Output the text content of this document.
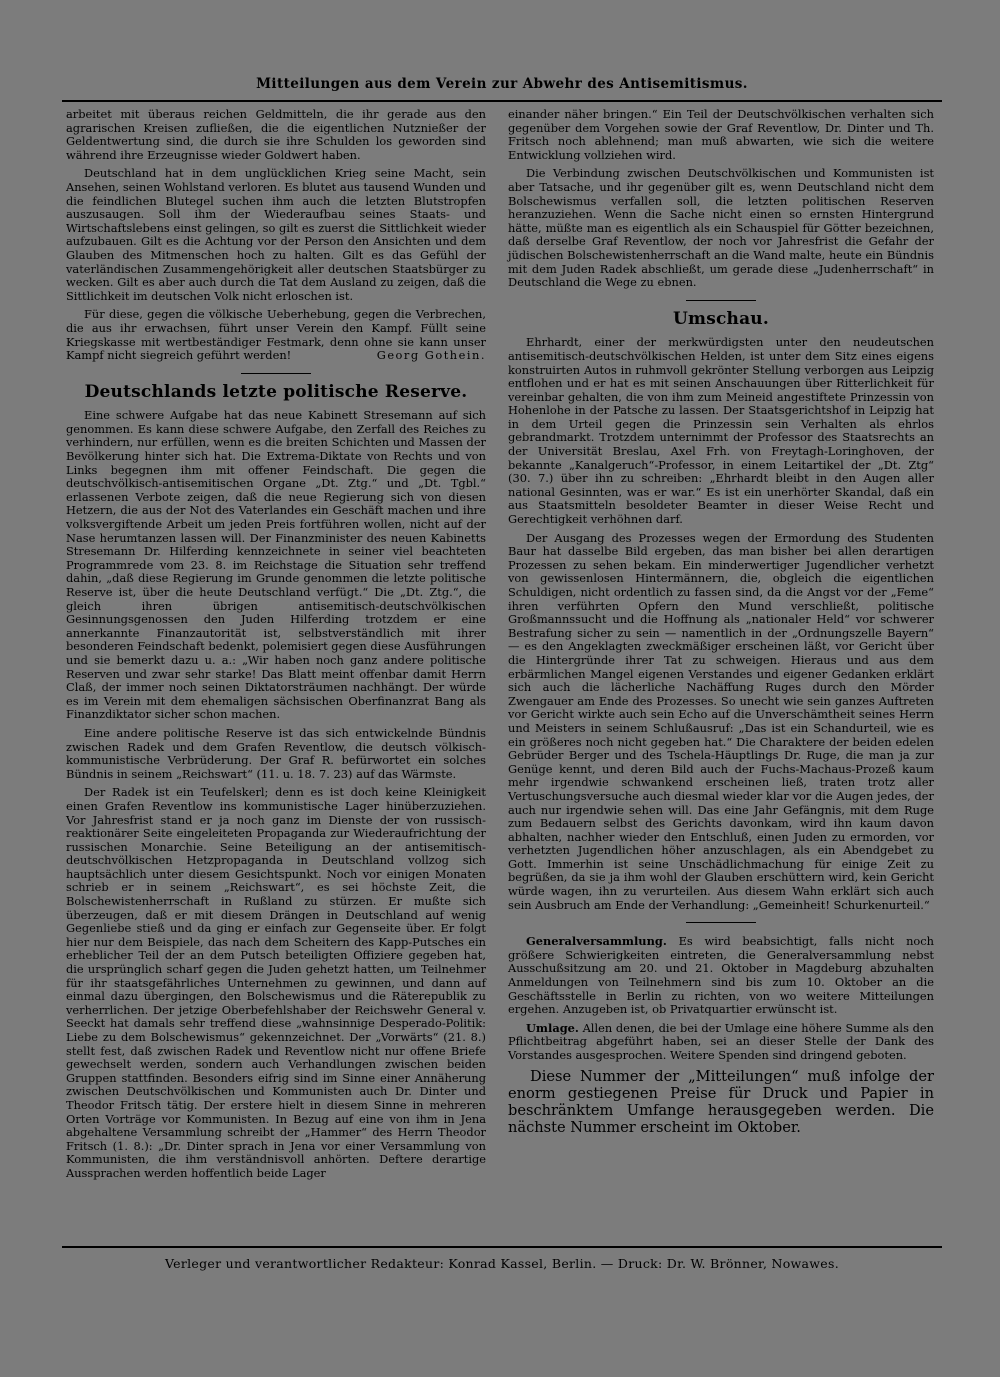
Mitteilungen aus dem Verein zur Abwehr des Antisemitismus.

arbeitet mit überaus reichen Geldmitteln, die ihr gerade aus den agrarischen Kreisen zufließen, die die eigentlichen Nutznießer der Geldentwertung sind, die durch sie ihre Schulden los geworden sind während ihre Erzeugnisse wieder Goldwert haben.

Deutschland hat in dem unglücklichen Krieg seine Macht, sein Ansehen, seinen Wohlstand verloren. Es blutet aus tausend Wunden und die feindlichen Blutegel suchen ihm auch die letzten Blutstropfen auszusaugen. Soll ihm der Wiederaufbau seines Staats- und Wirtschaftslebens einst gelingen, so gilt es zuerst die Sittlichkeit wieder aufzubauen. Gilt es die Achtung vor der Person den Ansichten und dem Glauben des Mitmenschen hoch zu halten. Gilt es das Gefühl der vaterländischen Zusammengehörigkeit aller deutschen Staatsbürger zu wecken. Gilt es aber auch durch die Tat dem Ausland zu zeigen, daß die Sittlichkeit im deutschen Volk nicht erloschen ist.

Für diese, gegen die völkische Ueberhebung, gegen die Verbrechen, die aus ihr erwachsen, führt unser Verein den Kampf. Füllt seine Kriegskasse mit wertbeständiger Festmark, denn ohne sie kann unser Kampf nicht siegreich geführt werden!	Georg Gothein.

Deutschlands letzte politische Reserve.

Eine schwere Aufgabe hat das neue Kabinett Stresemann auf sich genommen. Es kann diese schwere Aufgabe, den Zerfall des Reiches zu verhindern, nur erfüllen, wenn es die breiten Schichten und Massen der Bevölkerung hinter sich hat. Die Extrema-Diktate von Rechts und von Links begegnen ihm mit offener Feindschaft. Die gegen die deutschvölkisch-antisemitischen Organe „Dt. Ztg.“ und „Dt. Tgbl.“ erlassenen Verbote zeigen, daß die neue Regierung sich von diesen Hetzern, die aus der Not des Vaterlandes ein Geschäft machen und ihre volksvergiftende Arbeit um jeden Preis fortführen wollen, nicht auf der Nase herumtanzen lassen will. Der Finanzminister des neuen Kabinetts Stresemann Dr. Hilferding kennzeichnete in seiner viel beachteten Programmrede vom 23. 8. im Reichstage die Situation sehr treffend dahin, „daß diese Regierung im Grunde genommen die letzte politische Reserve ist, über die heute Deutschland verfügt.“ Die „Dt. Ztg.“, die gleich ihren übrigen antisemitisch-deutschvölkischen Gesinnungsgenossen den Juden Hilferding trotzdem er eine annerkannte Finanzautorität ist, selbstverständlich mit ihrer besonderen Feindschaft bedenkt, polemisiert gegen diese Ausführungen und sie bemerkt dazu u. a.: „Wir haben noch ganz andere politische Reserven und zwar sehr starke! Das Blatt meint offenbar damit Herrn Claß, der immer noch seinen Diktatorsträumen nachhängt. Der würde es im Verein mit dem ehemaligen sächsischen Oberfinanzrat Bang als Finanzdiktator sicher schon machen.

Eine andere politische Reserve ist das sich entwickelnde Bündnis zwischen Radek und dem Grafen Reventlow, die deutsch völkisch-kommunistische Verbrüderung. Der Graf R. befürwortet ein solches Bündnis in seinem „Reichswart“ (11. u. 18. 7. 23) auf das Wärmste.

Der Radek ist ein Teufelskerl; denn es ist doch keine Kleinigkeit einen Grafen Reventlow ins kommunistische Lager hinüberzuziehen. Vor Jahresfrist stand er ja noch ganz im Dienste der von russisch-reaktionärer Seite eingeleiteten Propaganda zur Wiederaufrichtung der russischen Monarchie. Seine Beteiligung an der antisemitisch-deutschvölkischen Hetzpropaganda in Deutschland vollzog sich hauptsächlich unter diesem Gesichtspunkt. Noch vor einigen Monaten schrieb er in seinem „Reichswart“, es sei höchste Zeit, die Bolschewistenherrschaft in Rußland zu stürzen. Er mußte sich überzeugen, daß er mit diesem Drängen in Deutschland auf wenig Gegenliebe stieß und da ging er einfach zur Gegenseite über. Er folgt hier nur dem Beispiele, das nach dem Scheitern des Kapp-Putsches ein erheblicher Teil der an dem Putsch beteiligten Offiziere gegeben hat, die ursprünglich scharf gegen die Juden gehetzt hatten, um Teilnehmer für ihr staatsgefährliches Unternehmen zu gewinnen, und dann auf einmal dazu übergingen, den Bolschewismus und die Räterepublik zu verherrlichen. Der jetzige Oberbefehlshaber der Reichswehr General v. Seeckt hat damals sehr treffend diese „wahnsinnige Desperado-Politik: Liebe zu dem Bolschewismus“ gekennzeichnet. Der „Vorwärts“ (21. 8.) stellt fest, daß zwischen Radek und Reventlow nicht nur offene Briefe gewechselt werden, sondern auch Verhandlungen zwischen beiden Gruppen stattfinden. Besonders eifrig sind im Sinne einer Annäherung zwischen Deutschvölkischen und Kommunisten auch Dr. Dinter und Theodor Fritsch tätig. Der erstere hielt in diesem Sinne in mehreren Orten Vorträge vor Kommunisten. In Bezug auf eine von ihm in Jena abgehaltene Versammlung schreibt der „Hammer“ des Herrn Theodor Fritsch (1. 8.): „Dr. Dinter sprach in Jena vor einer Versammlung von Kommunisten, die ihm verständnisvoll anhörten. Deftere derartige Aussprachen werden hoffentlich beide Lager

einander näher bringen.“ Ein Teil der Deutschvölkischen verhalten sich gegenüber dem Vorgehen sowie der Graf Reventlow, Dr. Dinter und Th. Fritsch noch ablehnend; man muß abwarten, wie sich die weitere Entwicklung vollziehen wird.

Die Verbindung zwischen Deutschvölkischen und Kommunisten ist aber Tatsache, und ihr gegenüber gilt es, wenn Deutschland nicht dem Bolschewismus verfallen soll, die letzten politischen Reserven heranzuziehen. Wenn die Sache nicht einen so ernsten Hintergrund hätte, müßte man es eigentlich als ein Schauspiel für Götter bezeichnen, daß derselbe Graf Reventlow, der noch vor Jahresfrist die Gefahr der jüdischen Bolschewistenherrschaft an die Wand malte, heute ein Bündnis mit dem Juden Radek abschließt, um gerade diese „Judenherrschaft“ in Deutschland die Wege zu ebnen.

Umschau.

Ehrhardt, einer der merkwürdigsten unter den neudeutschen antisemitisch-deutschvölkischen Helden, ist unter dem Sitz eines eigens konstruirten Autos in ruhmvoll gekrönter Stellung verborgen aus Leipzig entflohen und er hat es mit seinen Anschauungen über Ritterlichkeit für vereinbar gehalten, die von ihm zum Meineid angestiftete Prinzessin von Hohenlohe in der Patsche zu lassen. Der Staatsgerichtshof in Leipzig hat in dem Urteil gegen die Prinzessin sein Verhalten als ehrlos gebrandmarkt. Trotzdem unternimmt der Professor des Staatsrechts an der Universität Breslau, Axel Frh. von Freytagh-Loringhoven, der bekannte „Kanalgeruch“-Professor, in einem Leitartikel der „Dt. Ztg“ (30. 7.) über ihn zu schreiben: „Ehrhardt bleibt in den Augen aller national Gesinnten, was er war.“ Es ist ein unerhörter Skandal, daß ein aus Staatsmitteln besoldeter Beamter in dieser Weise Recht und Gerechtigkeit verhöhnen darf.

Der Ausgang des Prozesses wegen der Ermordung des Studenten Baur hat dasselbe Bild ergeben, das man bisher bei allen derartigen Prozessen zu sehen bekam. Ein minderwertiger Jugendlicher verhetzt von gewissenlosen Hintermännern, die, obgleich die eigentlichen Schuldigen, nicht ordentlich zu fassen sind, da die Angst vor der „Feme“ ihren verführten Opfern den Mund verschließt, politische Großmannssucht und die Hoffnung als „nationaler Held“ vor schwerer Bestrafung sicher zu sein — namentlich in der „Ordnungszelle Bayern“ — es den Angeklagten zweckmäßiger erscheinen läßt, vor Gericht über die Hintergründe ihrer Tat zu schweigen. Hieraus und aus dem erbärmlichen Mangel eigenen Verstandes und eigener Gedanken erklärt sich auch die lächerliche Nachäffung Ruges durch den Mörder Zwengauer am Ende des Prozesses. So unecht wie sein ganzes Auftreten vor Gericht wirkte auch sein Echo auf die Unverschämtheit seines Herrn und Meisters in seinem Schlußausruf: „Das ist ein Schandurteil, wie es ein größeres noch nicht gegeben hat.“ Die Charaktere der beiden edelen Gebrüder Berger und des Tschela-Häuptlings Dr. Ruge, die man ja zur Genüge kennt, und deren Bild auch der Fuchs-Machaus-Prozeß kaum mehr irgendwie schwankend erscheinen ließ, traten trotz aller Vertuschungsversuche auch diesmal wieder klar vor die Augen jedes, der auch nur irgendwie sehen will. Das eine Jahr Gefängnis, mit dem Ruge zum Bedauern selbst des Gerichts davonkam, wird ihn kaum davon abhalten, nachher wieder den Entschluß, einen Juden zu ermorden, vor verhetzten Jugendlichen höher anzuschlagen, als ein Abendgebet zu Gott. Immerhin ist seine Unschädlichmachung für einige Zeit zu begrüßen, da sie ja ihm wohl der Glauben erschüttern wird, kein Gericht würde wagen, ihn zu verurteilen. Aus diesem Wahn erklärt sich auch sein Ausbruch am Ende der Verhandlung: „Gemeinheit! Schurkenurteil.“

Generalversammlung. Es wird beabsichtigt, falls nicht noch größere Schwierigkeiten eintreten, die Generalversammlung nebst Ausschußsitzung am 20. und 21. Oktober in Magdeburg abzuhalten Anmeldungen von Teilnehmern sind bis zum 10. Oktober an die Geschäftsstelle in Berlin zu richten, von wo weitere Mitteilungen ergehen. Anzugeben ist, ob Privatquartier erwünscht ist.

Umlage. Allen denen, die bei der Umlage eine höhere Summe als den Pflichtbeitrag abgeführt haben, sei an dieser Stelle der Dank des Vorstandes ausgesprochen. Weitere Spenden sind dringend geboten.

Diese Nummer der „Mitteilungen“ muß infolge der enorm gestiegenen Preise für Druck und Papier in beschränktem Umfange herausgegeben werden. Die nächste Nummer erscheint im Oktober.

Verleger und verantwortlicher Redakteur: Konrad Kassel, Berlin. — Druck: Dr. W. Brönner, Nowawes.
